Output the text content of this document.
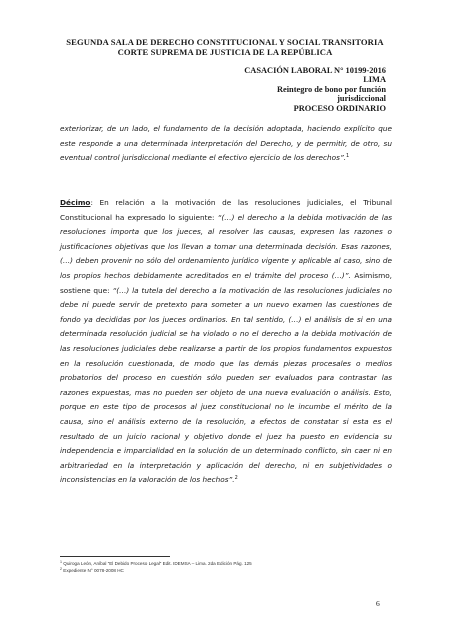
SEGUNDA SALA DE DERECHO CONSTITUCIONAL Y SOCIAL TRANSITORIA
CORTE SUPREMA DE JUSTICIA DE LA REPÚBLICA
CASACIÓN LABORAL N° 10199-2016
LIMA
Reintegro de bono por función
jurisdiccional
PROCESO ORDINARIO
exteriorizar, de un lado, el fundamento de la decisión adoptada, haciendo explícito que este responde a una determinada interpretación del Derecho, y de permitir, de otro, su eventual control jurisdiccional mediante el efectivo ejercicio de los derechos”.$^1$
Décimo: En relación a la motivación de las resoluciones judiciales, el Tribunal Constitucional ha expresado lo siguiente: “(…) el derecho a la debida motivación de las resoluciones importa que los jueces, al resolver las causas, expresen las razones o justificaciones objetivas que los llevan a tomar una determinada decisión. Esas razones, (…) deben provenir no sólo del ordenamiento jurídico vigente y aplicable al caso, sino de los propios hechos debidamente acreditados en el trámite del proceso (…)”. Asimismo, sostiene que: “(…) la tutela del derecho a la motivación de las resoluciones judiciales no debe ni puede servir de pretexto para someter a un nuevo examen las cuestiones de fondo ya decididas por los jueces ordinarios. En tal sentido, (…) el análisis de si en una determinada resolución judicial se ha violado o no el derecho a la debida motivación de las resoluciones judiciales debe realizarse a partir de los propios fundamentos expuestos en la resolución cuestionada, de modo que las demás piezas procesales o medios probatorios del proceso en cuestión sólo pueden ser evaluados para contrastar las razones expuestas, mas no pueden ser objeto de una nueva evaluación o análisis. Esto, porque en este tipo de procesos al juez constitucional no le incumbe el mérito de la causa, sino el análisis externo de la resolución, a efectos de constatar si esta es el resultado de un juicio racional y objetivo donde el juez ha puesto en evidencia su independencia e imparcialidad en la solución de un determinado conflicto, sin caer ni en arbitrariedad en la interpretación y aplicación del derecho, ni en subjetividades o inconsistencias en la valoración de los hechos”.$^2$
$^1$ Quiroga León, Aníbal “El Debido Proceso Legal” Edit. IDEMSA – Lima. 2da Edición Pág. 125
$^2$ Expediente N° 0078-2008 HC
6
